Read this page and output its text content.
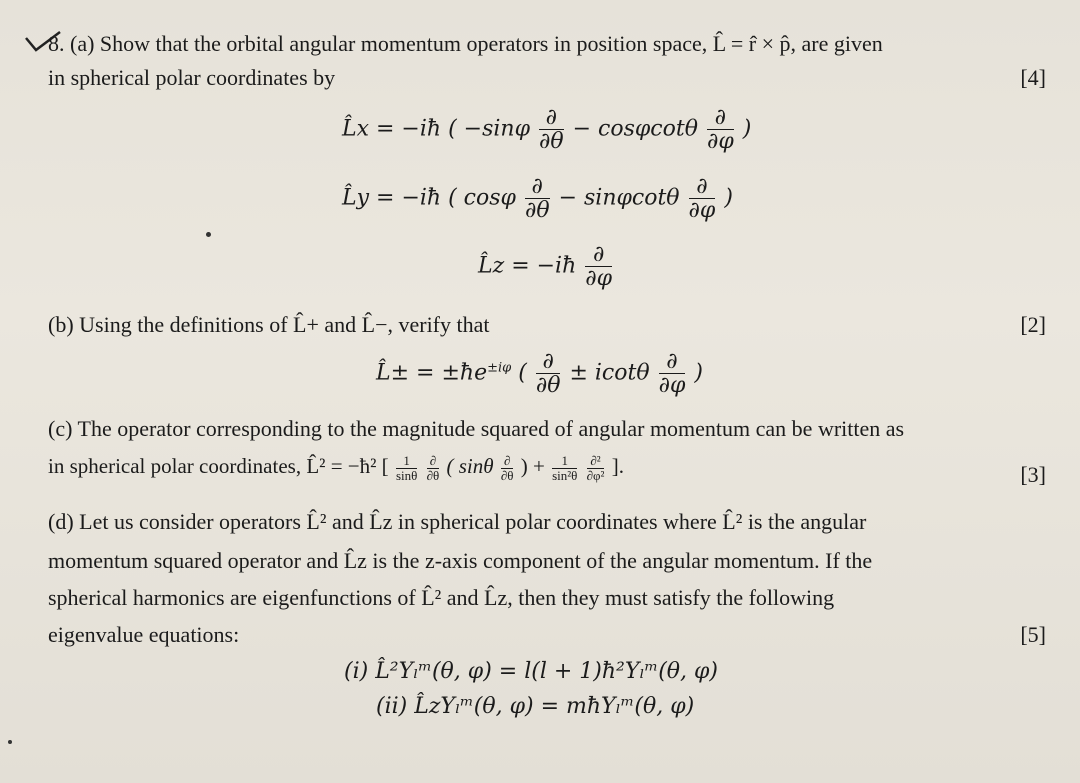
8. (a) Show that the orbital angular momentum operators in position space, L̂ = r̂ × p̂, are given
in spherical polar coordinates by	[4]
L̂x = −iħ ( $-\sin\varphi \frac{\partial}{\partial\theta} - \cos\varphi\cot\theta \frac{\partial}{\partial\varphi}$ )
L̂y = −iħ ( cosφ $\frac{\partial}{\partial\theta} - \sin\varphi\cot\theta \frac{\partial}{\partial\varphi}$ )
L̂z = −iħ $\frac{\partial}{\partial\varphi}$
(b) Using the definitions of L̂+ and L̂−, verify that	[2]
L̂± = $\pm ħe^{\pm i\varphi}$ ( $\frac{\partial}{\partial\theta} \pm icot\theta \frac{\partial}{\partial\varphi}$ )
(c) The operator corresponding to the magnitude squared of angular momentum can be written as
in spherical polar coordinates, L̂² = −ħ² [ $\frac{1}{\sin\theta}$
$\frac{\partial}{\partial\theta}$ ( sinθ $\frac{\partial}{\partial\theta}$ ) + $\frac{1}{\text{sin²θ}}$
$\frac{\text{∂²}}{\text{∂φ²}}$ ].	[3]
(d) Let us consider operators L̂² and L̂z in spherical polar coordinates where L̂² is the angular
momentum squared operator and L̂z is the z-axis component of the angular momentum. If the
spherical harmonics are eigenfunctions of L̂² and L̂z, then they must satisfy the following
eigenvalue equations:	[5]
(i) L̂²Yₗᵐ(θ, φ) = l(l + 1)ħ²Yₗᵐ(θ, φ)
(ii) L̂zYₗᵐ(θ, φ) = mħYₗᵐ(θ, φ)
